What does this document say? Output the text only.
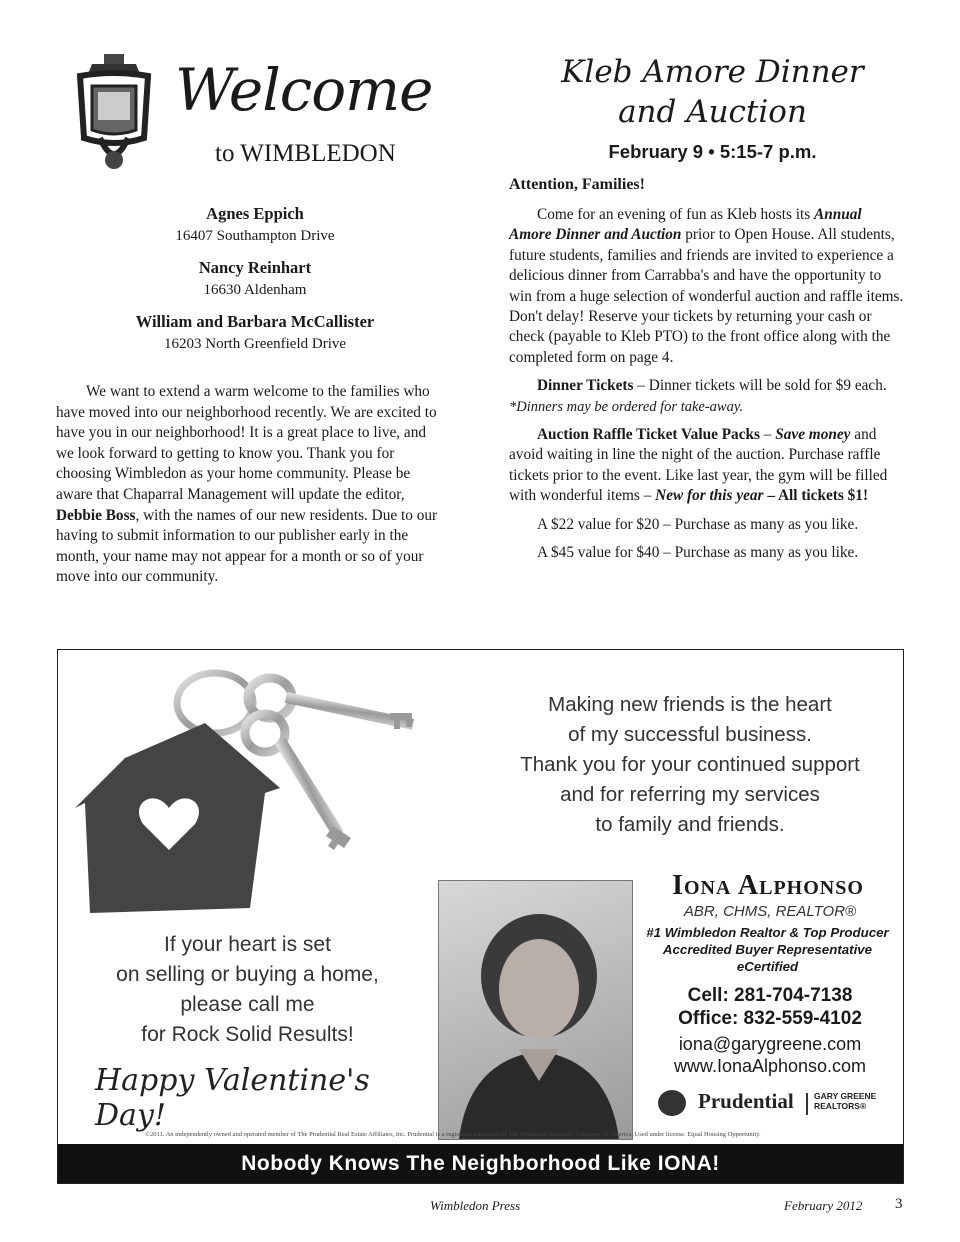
Welcome
to WIMBLEDON
Agnes Eppich
16407 Southampton Drive
Nancy Reinhart
16630 Aldenham
William and Barbara McCallister
16203 North Greenfield Drive

We want to extend a warm welcome to the families who have moved into our neighborhood recently. We are excited to have you in our neighborhood! It is a great place to live, and we look forward to getting to know you. Thank you for choosing Wimbledon as your home community. Please be aware that Chaparral Management will update the editor, Debbie Boss, with the names of our new residents. Due to our having to submit information to our publisher early in the month, your name may not appear for a month or so of your move into our community.

Kleb Amore Dinner
and Auction
February 9 • 5:15-7 p.m.
Attention, Families!

Come for an evening of fun as Kleb hosts its Annual Amore Dinner and Auction prior to Open House. All students, future students, families and friends are invited to experience a delicious dinner from Carrabba's and have the opportunity to win from a huge selection of wonderful auction and raffle items. Don't delay! Reserve your tickets by returning your cash or check (payable to Kleb PTO) to the front office along with the completed form on page 4.

Dinner Tickets – Dinner tickets will be sold for $9 each.

*Dinners may be ordered for take-away.

Auction Raffle Ticket Value Packs – Save money and avoid waiting in line the night of the auction. Purchase raffle tickets prior to the event. Like last year, the gym will be filled with wonderful items – New for this year – All tickets $1!

A $22 value for $20 – Purchase as many as you like.

A $45 value for $40 – Purchase as many as you like.

Making new friends is the heart
of my successful business.
Thank you for your continued support
and for referring my services
to family and friends.
If your heart is set
on selling or buying a home,
please call me
for Rock Solid Results!
Happy Valentine's Day!
Iona Alphonso
ABR, CHMS, REALTOR®
#1 Wimbledon Realtor & Top Producer
Accredited Buyer Representative
eCertified
Cell: 281-704-7138
Office: 832-559-4102
iona@garygreene.com
www.IonaAlphonso.com
Prudential GARY GREENE
REALTORS®
©2011. An independently owned and operated member of The Prudential Real Estate Affiliates, Inc. Prudential is a registered trademark of The Prudential Insurance Company of America. Used under license. Equal Housing Opportunity.
Nobody Knows The Neighborhood Like IONA!
Wimbledon Press	February 2012 3
